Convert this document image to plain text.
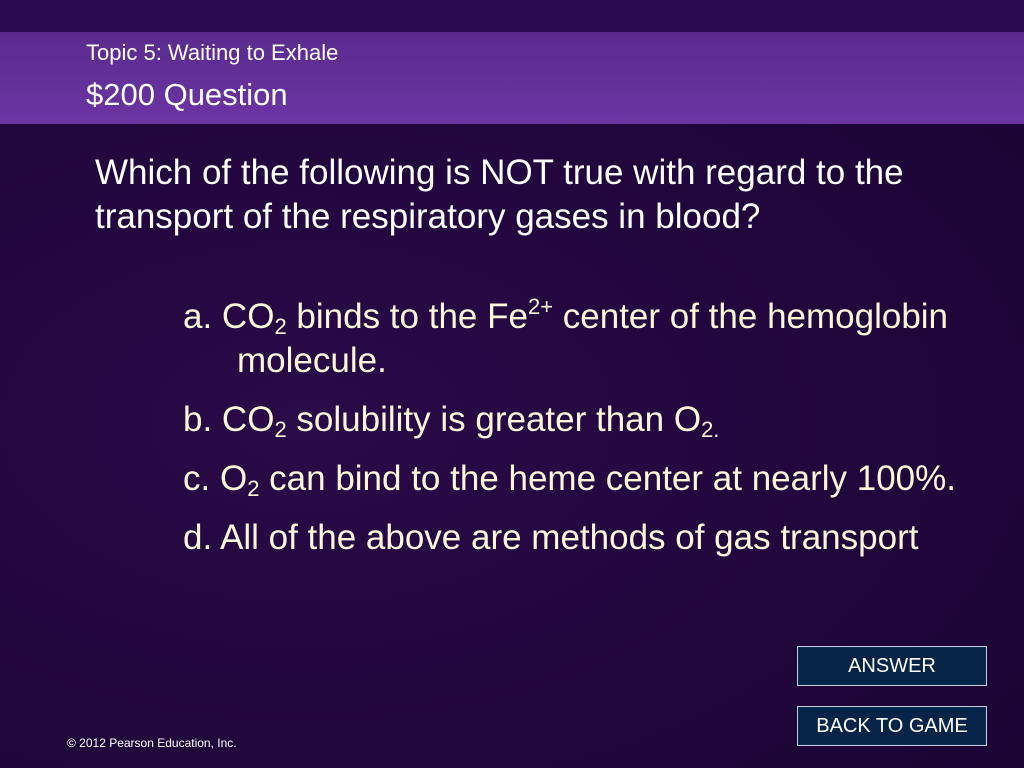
Topic 5: Waiting to Exhale
$200 Question
Which of the following is NOT true with regard to the transport of the respiratory gases in blood?
a. $CO_2$ binds to the $Fe^{2+}$ center of the hemoglobin molecule.
b. $CO_2$ solubility is greater than $O_{2.}$
c. $O_2$ can bind to the heme center at nearly 100%.
d. All of the above are methods of gas transport
ANSWER
BACK TO GAME
© 2012 Pearson Education, Inc.
